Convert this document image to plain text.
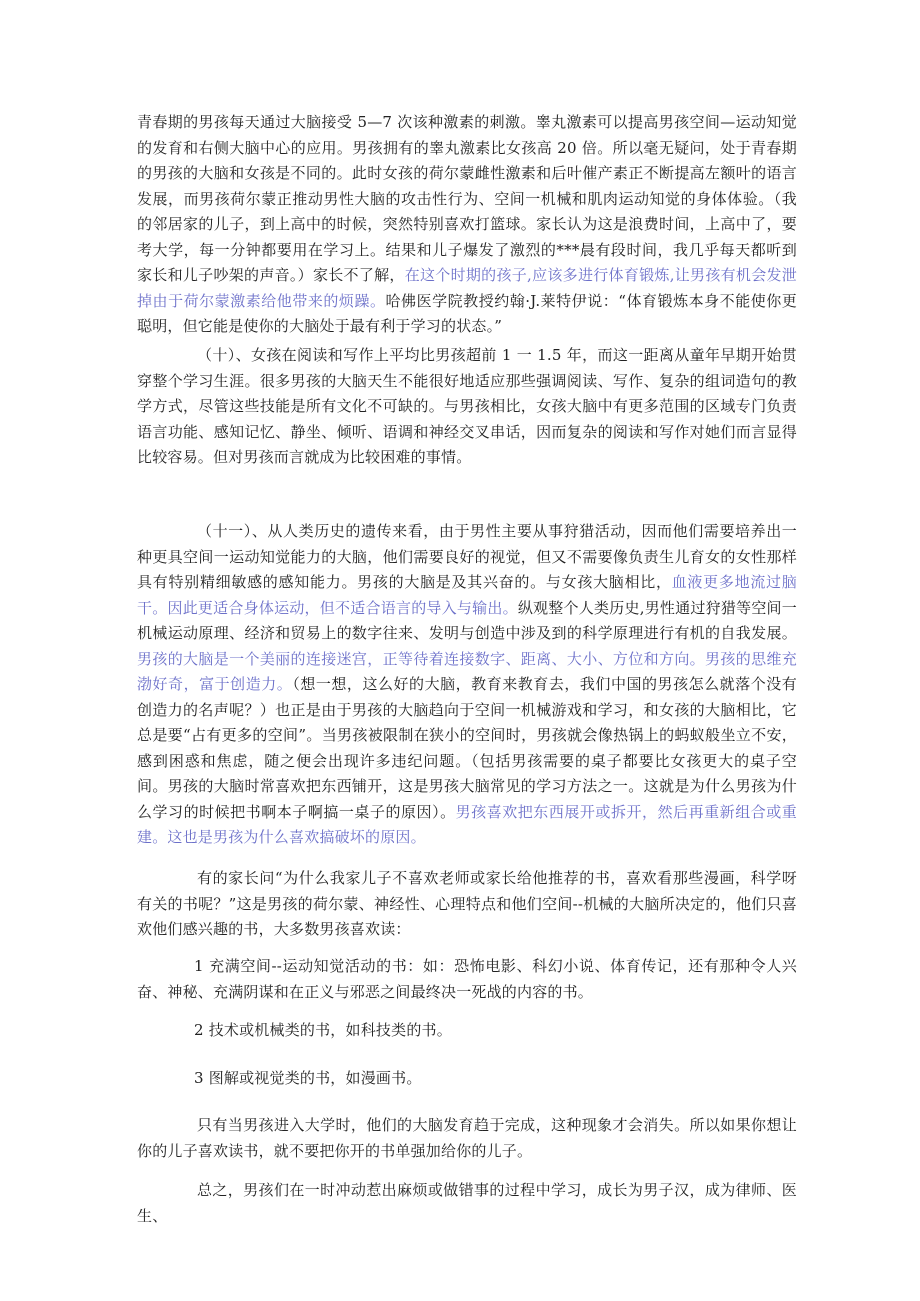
青春期的男孩每天通过大脑接受 5—7 次该种激素的刺激。睾丸激素可以提高男孩空间—运动知觉的发育和右侧大脑中心的应用。男孩拥有的睾丸激素比女孩高 20 倍。所以毫无疑问，处于青春期的男孩的大脑和女孩是不同的。此时女孩的荷尔蒙雌性激素和后叶催产素正不断提高左额叶的语言发展，而男孩荷尔蒙正推动男性大脑的攻击性行为、空间一机械和肌肉运动知觉的身体体验。（我的邻居家的儿子，到上高中的时候，突然特别喜欢打篮球。家长认为这是浪费时间，上高中了，要考大学，每一分钟都要用在学习上。结果和儿子爆发了激烈的***晨有段时间，我几乎每天都听到家长和儿子吵架的声音。）家长不了解，在这个时期的孩子,应该多进行体育锻炼,让男孩有机会发泄掉由于荷尔蒙激素给他带来的烦躁。哈佛医学院教授约翰·J.莱特伊说：“体育锻炼本身不能使你更聪明，但它能是使你的大脑处于最有利于学习的状态。”

（十）、女孩在阅读和写作上平均比男孩超前 1 一 1.5 年，而这一距离从童年早期开始贯穿整个学习生涯。很多男孩的大脑天生不能很好地适应那些强调阅读、写作、复杂的组词造句的教学方式，尽管这些技能是所有文化不可缺的。与男孩相比，女孩大脑中有更多范围的区域专门负责语言功能、感知记忆、静坐、倾听、语调和神经交叉串话，因而复杂的阅读和写作对她们而言显得比较容易。但对男孩而言就成为比较困难的事情。

（十一）、从人类历史的遗传来看，由于男性主要从事狩猎活动，因而他们需要培养出一种更具空间一运动知觉能力的大脑，他们需要良好的视觉，但又不需要像负责生儿育女的女性那样具有特别精细敏感的感知能力。男孩的大脑是及其兴奋的。与女孩大脑相比，血液更多地流过脑干。因此更适合身体运动，但不适合语言的导入与输出。纵观整个人类历史,男性通过狩猎等空间一机械运动原理、经济和贸易上的数字往来、发明与创造中涉及到的科学原理进行有机的自我发展。男孩的大脑是一个美丽的连接迷宫，正等待着连接数字、距离、大小、方位和方向。男孩的思维充渤好奇，富于创造力。（想一想，这么好的大脑，教育来教育去，我们中国的男孩怎么就落个没有创造力的名声呢？）也正是由于男孩的大脑趋向于空间一机械游戏和学习，和女孩的大脑相比，它总是要“占有更多的空间”。当男孩被限制在狭小的空间时，男孩就会像热锅上的蚂蚁般坐立不安，感到困惑和焦虑，随之便会出现许多违纪问题。（包括男孩需要的桌子都要比女孩更大的桌子空间。男孩的大脑时常喜欢把东西铺开，这是男孩大脑常见的学习方法之一。这就是为什么男孩为什么学习的时候把书啊本子啊搞一桌子的原因）。男孩喜欢把东西展开或拆开，然后再重新组合或重建。这也是男孩为什么喜欢搞破坏的原因。

有的家长问“为什么我家儿子不喜欢老师或家长给他推荐的书，喜欢看那些漫画，科学呀有关的书呢？”这是男孩的荷尔蒙、神经性、心理特点和他们空间--机械的大脑所决定的，他们只喜欢他们感兴趣的书，大多数男孩喜欢读：

1 充满空间--运动知觉活动的书：如：恐怖电影、科幻小说、体育传记，还有那种令人兴奋、神秘、充满阴谋和在正义与邪恶之间最终决一死战的内容的书。

2 技术或机械类的书，如科技类的书。

3 图解或视觉类的书，如漫画书。

只有当男孩进入大学时，他们的大脑发育趋于完成，这种现象才会消失。所以如果你想让你的儿子喜欢读书，就不要把你开的书单强加给你的儿子。

总之，男孩们在一时冲动惹出麻烦或做错事的过程中学习，成长为男子汉，成为律师、医生、
